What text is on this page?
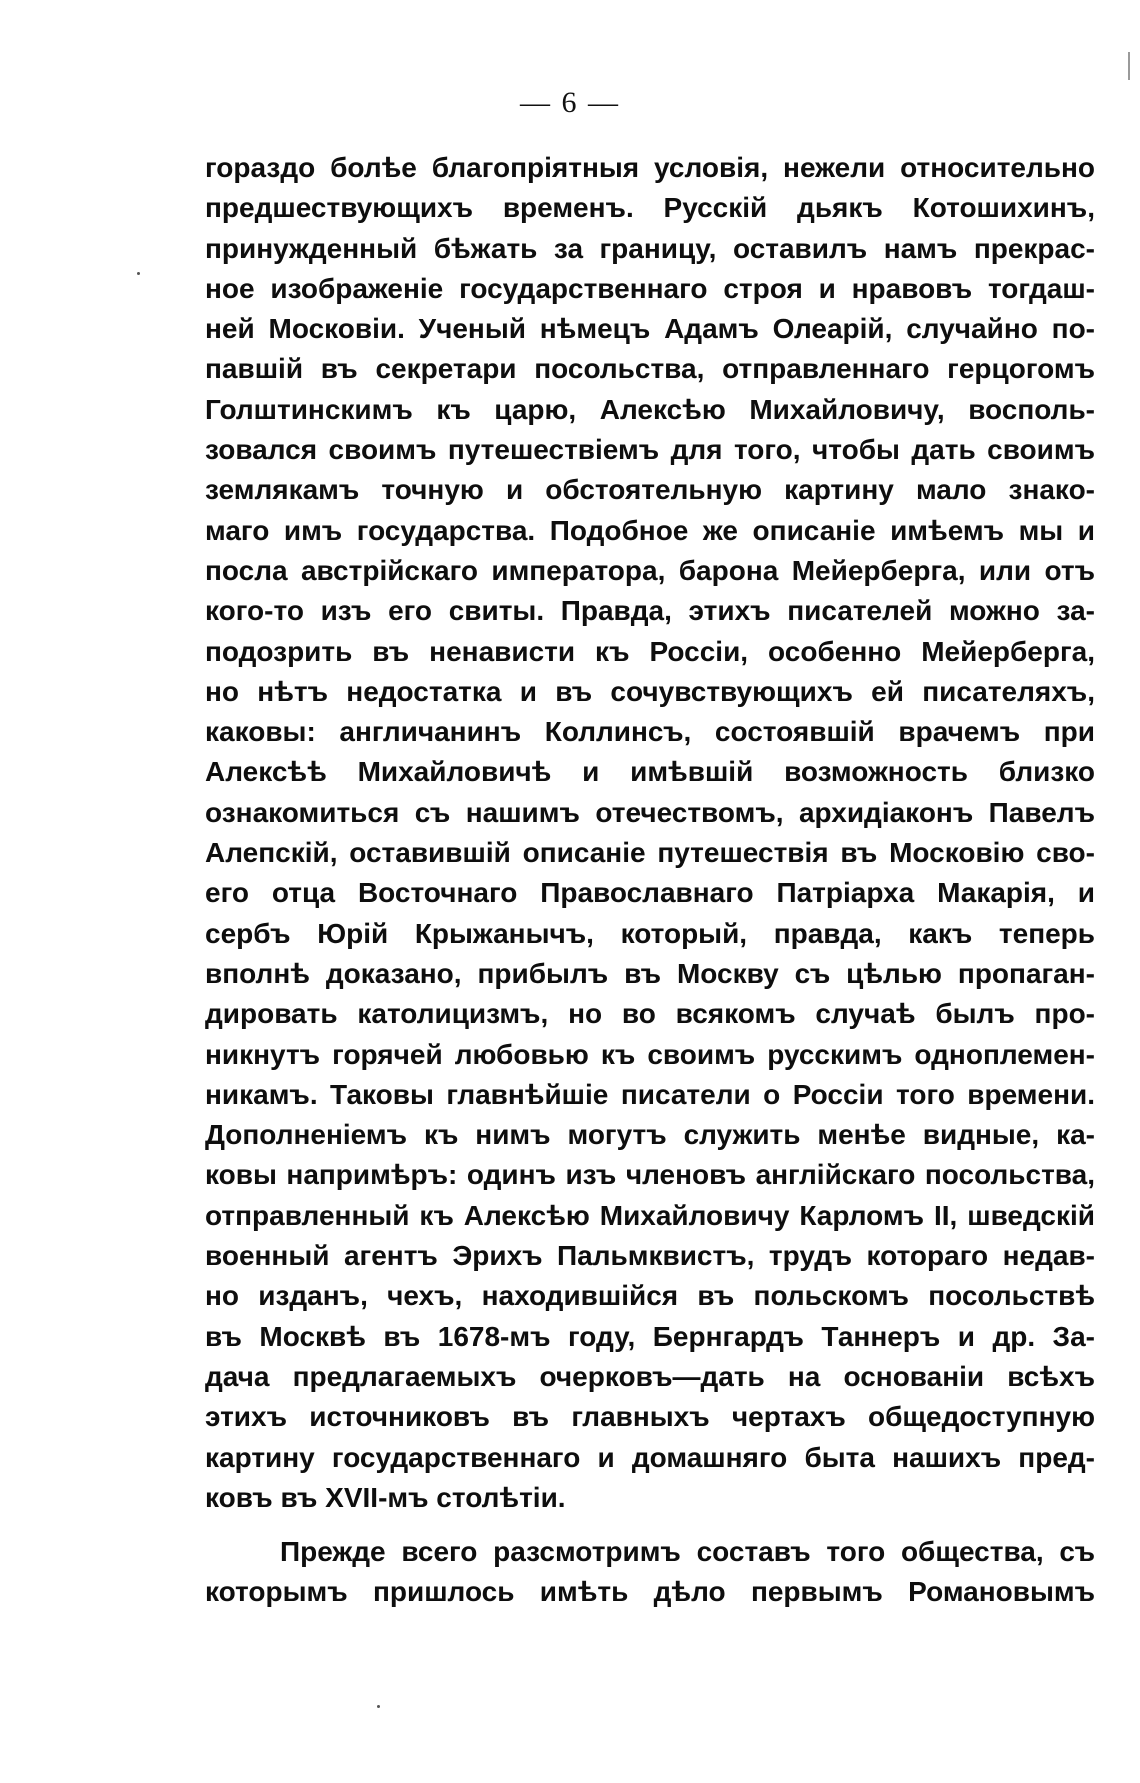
— 6 —
гораздо болѣе благопріятныя условія, нежели относительно
предшествующихъ временъ. Русскій дьякъ Котошихинъ,
принужденный бѣжать за границу, оставилъ намъ прекрас-
ное изображеніе государственнаго строя и нравовъ тогдаш-
ней Московіи. Ученый нѣмецъ Адамъ Олеарій, случайно по-
павшій въ секретари посольства, отправленнаго герцогомъ
Голштинскимъ къ царю, Алексѣю Михайловичу, восполь-
зовался своимъ путешествіемъ для того, чтобы дать своимъ
землякамъ точную и обстоятельную картину мало знако-
маго имъ государства. Подобное же описаніе имѣемъ мы и
посла австрійскаго императора, барона Мейерберга, или отъ
кого-то изъ его свиты. Правда, этихъ писателей можно за-
подозрить въ ненависти къ Россіи, особенно Мейерберга,
но нѣтъ недостатка и въ сочувствующихъ ей писателяхъ,
каковы: англичанинъ Коллинсъ, состоявшій врачемъ при
Алексѣѣ Михайловичѣ и имѣвшій возможность близко
ознакомиться съ нашимъ отечествомъ, архидіаконъ Павелъ
Алепскій, оставившій описаніе путешествія въ Московію сво-
его отца Восточнаго Православнаго Патріарха Макарія, и
сербъ Юрій Крыжанычъ, который, правда, какъ теперь
вполнѣ доказано, прибылъ въ Москву съ цѣлью пропаган-
дировать католицизмъ, но во всякомъ случаѣ былъ про-
никнутъ горячей любовью къ своимъ русскимъ одноплемен-
никамъ. Таковы главнѣйшіе писатели о Россіи того времени.
Дополненіемъ къ нимъ могутъ служить менѣе видные, ка-
ковы напримѣръ: одинъ изъ членовъ англійскаго посольства,
отправленный къ Алексѣю Михайловичу Карломъ II, шведскій
военный агентъ Эрихъ Пальмквистъ, трудъ котораго недав-
но изданъ, чехъ, находившійся въ польскомъ посольствѣ
въ Москвѣ въ 1678-мъ году, Бернгардъ Таннеръ и др. За-
дача предлагаемыхъ очерковъ—дать на основаніи всѣхъ
этихъ источниковъ въ главныхъ чертахъ общедоступную
картину государственнаго и домашняго быта нашихъ пред-
ковъ въ XVII-мъ столѣтіи.
Прежде всего разсмотримъ составъ того общества, съ
которымъ пришлось имѣть дѣло первымъ Романовымъ
